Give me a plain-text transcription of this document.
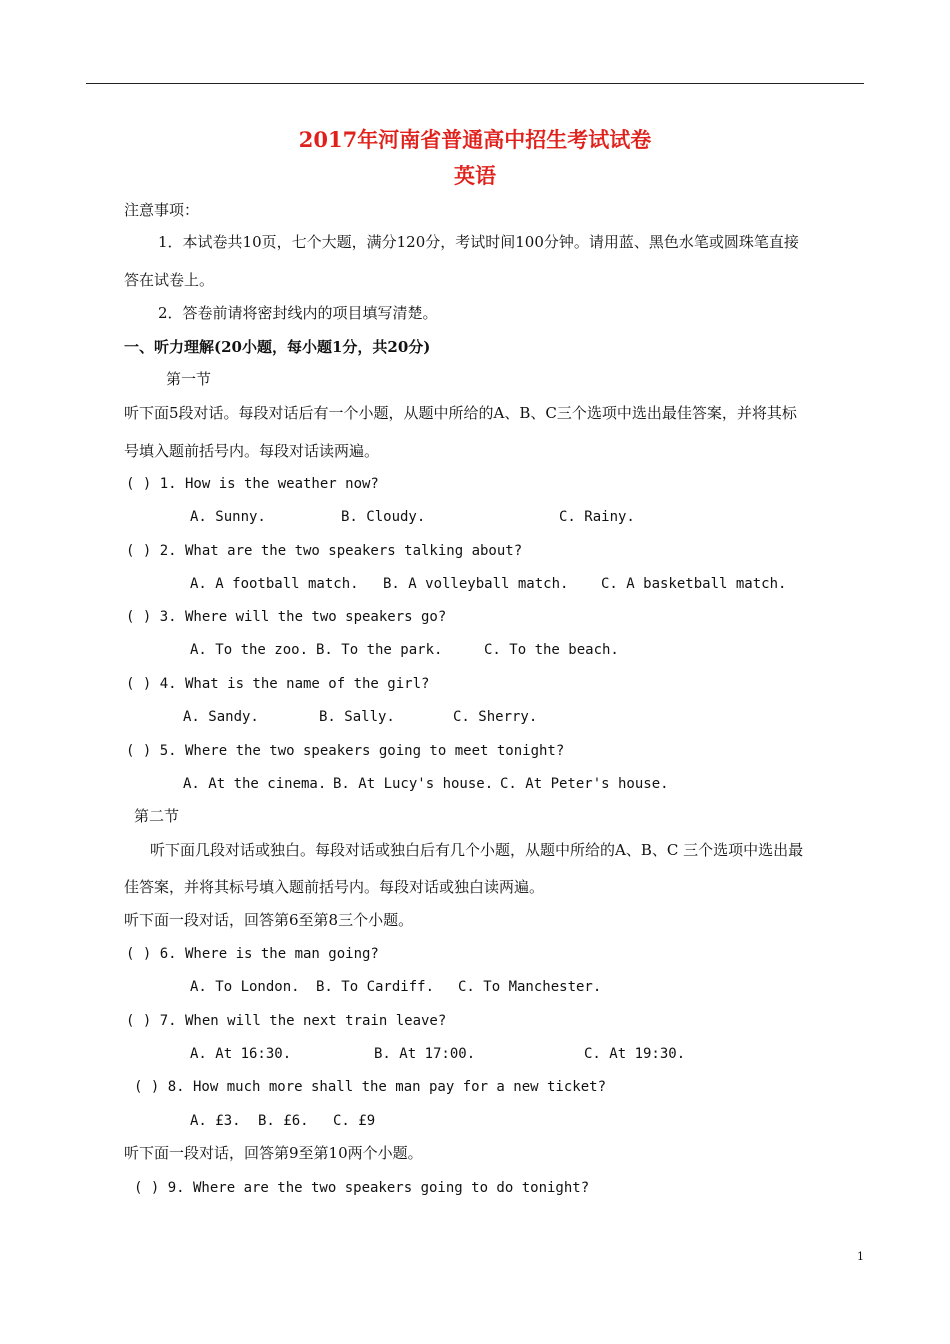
2017年河南省普通高中招生考试试卷
英语
注意事项：
1．本试卷共10页，七个大题，满分120分，考试时间100分钟。请用蓝、黑色水笔或圆珠笔直接
答在试卷上。
2．答卷前请将密封线内的项目填写清楚。
一、听力理解(20小题，每小题1分，共20分)
第一节
听下面5段对话。每段对话后有一个小题，从题中所给的A、B、C三个选项中选出最佳答案，并将其标
号填入题前括号内。每段对话读两遍。
( ) 1. How is the weather now?
A. Sunny.	B. Cloudy.	C. Rainy.
( ) 2. What are the two speakers talking about?
A. A football match. B. A volleyball match. C. A basketball match.
( ) 3. Where will the two speakers go?
A. To the zoo. B. To the park.	C. To the beach.
( ) 4. What is the name of the girl?
A. Sandy.	B. Sally.	C. Sherry.
( ) 5. Where the two speakers going to meet tonight?
A. At the cinema. B. At Lucy's house. C. At Peter's house.
第二节
听下面几段对话或独白。每段对话或独白后有几个小题，从题中所给的A、B、C 三个选项中选出最
佳答案，并将其标号填入题前括号内。每段对话或独白读两遍。
听下面一段对话，回答第6至第8三个小题。
( ) 6. Where is the man going?
A. To London. B. To Cardiff. C. To Manchester.
( ) 7. When will the next train leave?
A. At 16:30.	B. At 17:00.	C. At 19:30.
( ) 8. How much more shall the man pay for a new ticket?
A. £3. B. £6. C. £9
听下面一段对话，回答第9至第10两个小题。
( ) 9. Where are the two speakers going to do tonight?
1
